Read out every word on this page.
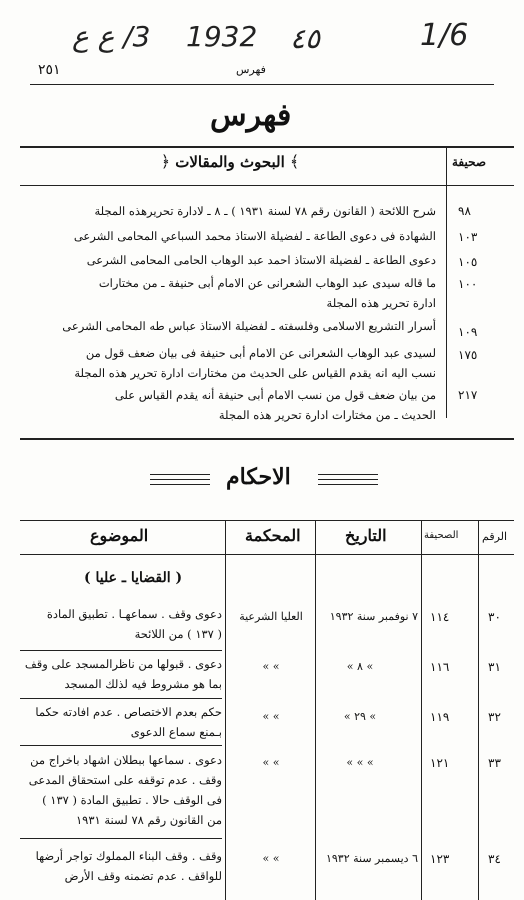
3/ ع ع 1932 ٤٥	1/6
٢٥١	فهرس
فهرس
صحيفة
﴿ البحوث والمقالات ﴾
٩٨
شرح اللائحة ( القانون رقم ٧٨ لسنة ١٩٣١ ) ـ ٨ ـ لادارة تحريرهذه المجلة
١٠٣
الشهادة فى دعوى الطاعة ـ لفضيلة الاستاذ محمد السباعي المحامى الشرعى
١٠٥
دعوى الطاعة ـ لفضيلة الاستاذ احمد عبد الوهاب الحامى المحامى الشرعى
١٠٠
ما قاله سيدى عبد الوهاب الشعرانى عن الامام أبى حنيفة ـ من مختارات
ادارة تحرير هذه المجلة
١٠٩
أسرار التشريع الاسلامى وفلسفته ـ لفضيلة الاستاذ عباس طه المحامى الشرعى
١٧٥
لسيدى عبد الوهاب الشعرانى عن الامام أبى حنيفة فى بيان ضعف قول من
نسب اليه انه يقدم القياس على الحديث من مختارات ادارة تحرير هذه المجلة
٢١٧
من بيان ضعف قول من نسب الامام أبى حنيفة أنه يقدم القياس على
الحديث ـ من مختارات ادارة تحرير هذه المجلة
الاحكام
الرقم
الصحيفة
التاريخ
المحكمة
الموضوع
( القضايا ـ عليا )
٣٠
١١٤
٧ نوفمبر سنة ١٩٣٢
العليا الشرعية
دعوى وقف . سماعهـا . تطبيق المادة
( ١٣٧ ) من اللائحة
٣١
١١٦
« ٨ «
« «
دعوى . قبولها من ناظرالمسجد على وقف
بما هو مشروط فيه لذلك المسجد
٣٢
١١٩
« ٢٩ «
« «
حكم بعدم الاختصاص . عدم افادته حكما
بـمنع سماع الدعوى
٣٣
١٢١
« « «
« «
دعوى . سماعها ببطلان اشهاد باخراج من
وقف . عدم توقفه على استحقاق المدعى
فى الوقف حالا . تطبيق المادة ( ١٣٧ )
من القانون رقم ٧٨ لسنة ١٩٣١
٣٤
١٢٣
٦ ديسمبر سنة ١٩٣٢
« «
وقف . وقف البناء المملوك تواجر أرضها
للواقف . عدم تضمنه وقف الأرض
